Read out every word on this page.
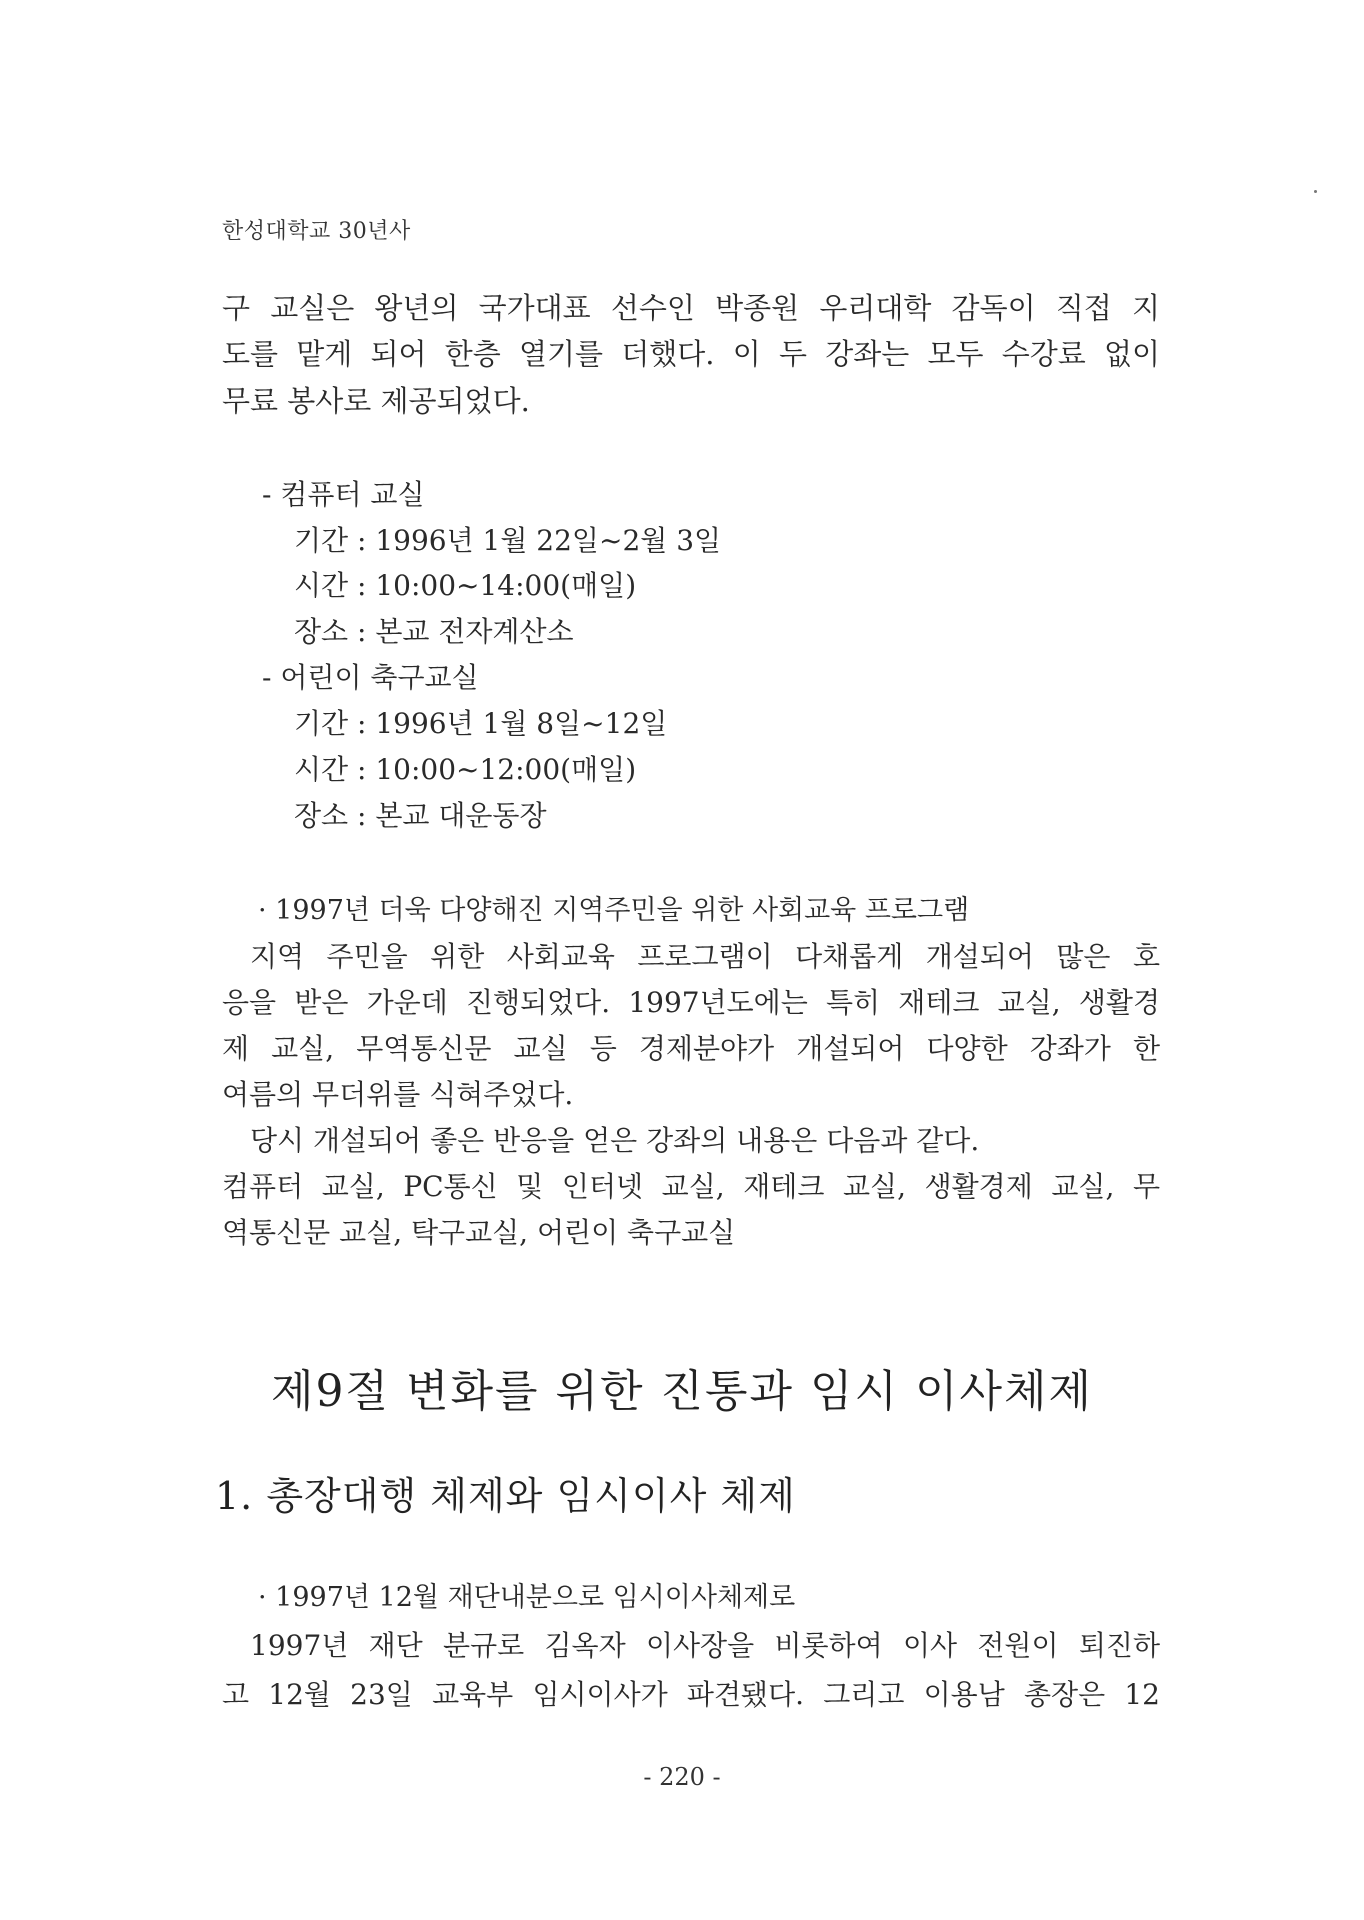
한성대학교 30년사
구 교실은 왕년의 국가대표 선수인 박종원 우리대학 감독이 직접 지
도를 맡게 되어 한층 열기를 더했다. 이 두 강좌는 모두 수강료 없이
무료 봉사로 제공되었다.
- 컴퓨터 교실
기간 : 1996년 1월 22일~2월 3일
시간 : 10:00~14:00(매일)
장소 : 본교 전자계산소
- 어린이 축구교실
기간 : 1996년 1월 8일~12일
시간 : 10:00~12:00(매일)
장소 : 본교 대운동장
· 1997년 더욱 다양해진 지역주민을 위한 사회교육 프로그램
지역 주민을 위한 사회교육 프로그램이 다채롭게 개설되어 많은 호
응을 받은 가운데 진행되었다. 1997년도에는 특히 재테크 교실, 생활경
제 교실, 무역통신문 교실 등 경제분야가 개설되어 다양한 강좌가 한
여름의 무더위를 식혀주었다.
당시 개설되어 좋은 반응을 얻은 강좌의 내용은 다음과 같다.
컴퓨터 교실, PC통신 및 인터넷 교실, 재테크 교실, 생활경제 교실, 무
역통신문 교실, 탁구교실, 어린이 축구교실
제9절 변화를 위한 진통과 임시 이사체제
1. 총장대행 체제와 임시이사 체제
· 1997년 12월 재단내분으로 임시이사체제로
1997년 재단 분규로 김옥자 이사장을 비롯하여 이사 전원이 퇴진하
고 12월 23일 교육부 임시이사가 파견됐다. 그리고 이용남 총장은 12
- 220 -
